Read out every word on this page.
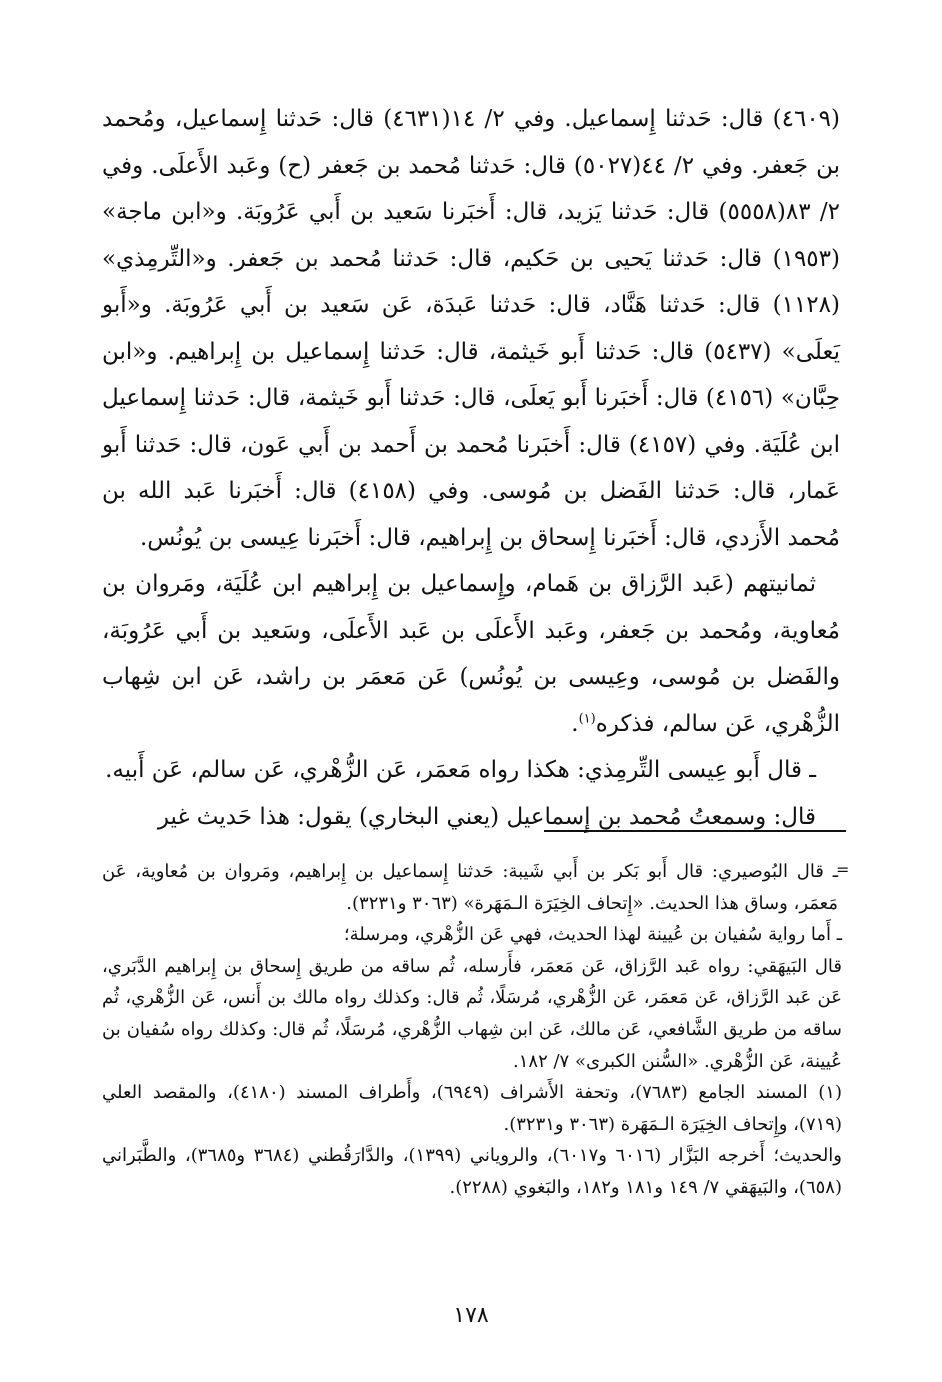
(٤٦٠٩) قال: حَدثنا إِسماعيل. وفي ٢/ ١٤(٤٦٣١) قال: حَدثنا إِسماعيل، ومُحمد بن جَعفر. وفي ٢/ ٤٤(٥٠٢٧) قال: حَدثنا مُحمد بن جَعفر (ح) وعَبد الأَعلَى. وفي ٢/ ٨٣(٥٥٥٨) قال: حَدثنا يَزيد، قال: أَخبَرنا سَعيد بن أَبي عَرُوبَة. و«ابن ماجة» (١٩٥٣) قال: حَدثنا يَحيى بن حَكيم، قال: حَدثنا مُحمد بن جَعفر. و«التِّرمِذي» (١١٢٨) قال: حَدثنا هَنَّاد، قال: حَدثنا عَبدَة، عَن سَعيد بن أَبي عَرُوبَة. و«أَبو يَعلَى» (٥٤٣٧) قال: حَدثنا أَبو خَيثمة، قال: حَدثنا إِسماعيل بن إِبراهيم. و«ابن حِبَّان» (٤١٥٦) قال: أَخبَرنا أَبو يَعلَى، قال: حَدثنا أَبو خَيثمة، قال: حَدثنا إِسماعيل ابن عُلَيَة. وفي (٤١٥٧) قال: أَخبَرنا مُحمد بن أَحمد بن أَبي عَون، قال: حَدثنا أَبو عَمار، قال: حَدثنا الفَضل بن مُوسى. وفي (٤١٥٨) قال: أَخبَرنا عَبد الله بن مُحمد الأَزدي، قال: أَخبَرنا إِسحاق بن إِبراهيم، قال: أَخبَرنا عِيسى بن يُونُس.

ثمانيتهم (عَبد الرَّزاق بن هَمام، وإِسماعيل بن إِبراهيم ابن عُلَيَة، ومَروان بن مُعاوية، ومُحمد بن جَعفر، وعَبد الأَعلَى بن عَبد الأَعلَى، وسَعيد بن أَبي عَرُوبَة، والفَضل بن مُوسى، وعِيسى بن يُونُس) عَن مَعمَر بن راشد، عَن ابن شِهاب الزُّهْري، عَن سالم، فذكره$^{(١)}$.

ـ قال أَبو عِيسى التِّرمِذي: هكذا رواه مَعمَر، عَن الزُّهْري، عَن سالم، عَن أَبيه.

قال: وسمعتُ مُحمد بن إِسماعيل (يعني البخاري) يقول: هذا حَديث غير

=

ـ قال البُوصيري: قال أَبو بَكر بن أَبي شَيبة: حَدثنا إِسماعيل بن إِبراهيم، ومَروان بن مُعاوية، عَن مَعمَر، وساق هذا الحديث. «إِتحاف الخِيَرَة الـمَهَرة» (٣٠٦٣ و٣٢٣١).

ـ أَما رواية سُفيان بن عُيينة لهذا الحديث، فهي عَن الزُّهْري، ومرسلة؛

قال البَيهَقي: رواه عَبد الرَّزاق، عَن مَعمَر، فأَرسله، ثُم ساقه من طريق إِسحاق بن إِبراهيم الدَّبَري، عَن عَبد الرَّزاق، عَن مَعمَر، عَن الزُّهْري، مُرسَلًا، ثُم قال: وكذلك رواه مالك بن أَنس، عَن الزُّهْري، ثُم ساقه من طريق الشَّافعي، عَن مالك، عَن ابن شِهاب الزُّهْري، مُرسَلًا، ثُم قال: وكذلك رواه سُفيان بن عُيينة، عَن الزُّهْري. «السُّنن الكبرى» ٧/ ١٨٢.

(١) المسند الجامع (٧٦٨٣)، وتحفة الأَشراف (٦٩٤٩)، وأَطراف المسند (٤١٨٠)، والمقصد العلي (٧١٩)، وإِتحاف الخِيَرَة الـمَهَرة (٣٠٦٣ و٣٢٣١).

والحديث؛ أَخرجه البَزَّار (٦٠١٦ و٦٠١٧)، والروياني (١٣٩٩)، والدَّارَقُطني (٣٦٨٤ و٣٦٨٥)، والطَّبَراني (٦٥٨)، والبَيهَقي ٧/ ١٤٩ و١٨١ و١٨٢، والبَغوي (٢٢٨٨).

١٧٨
